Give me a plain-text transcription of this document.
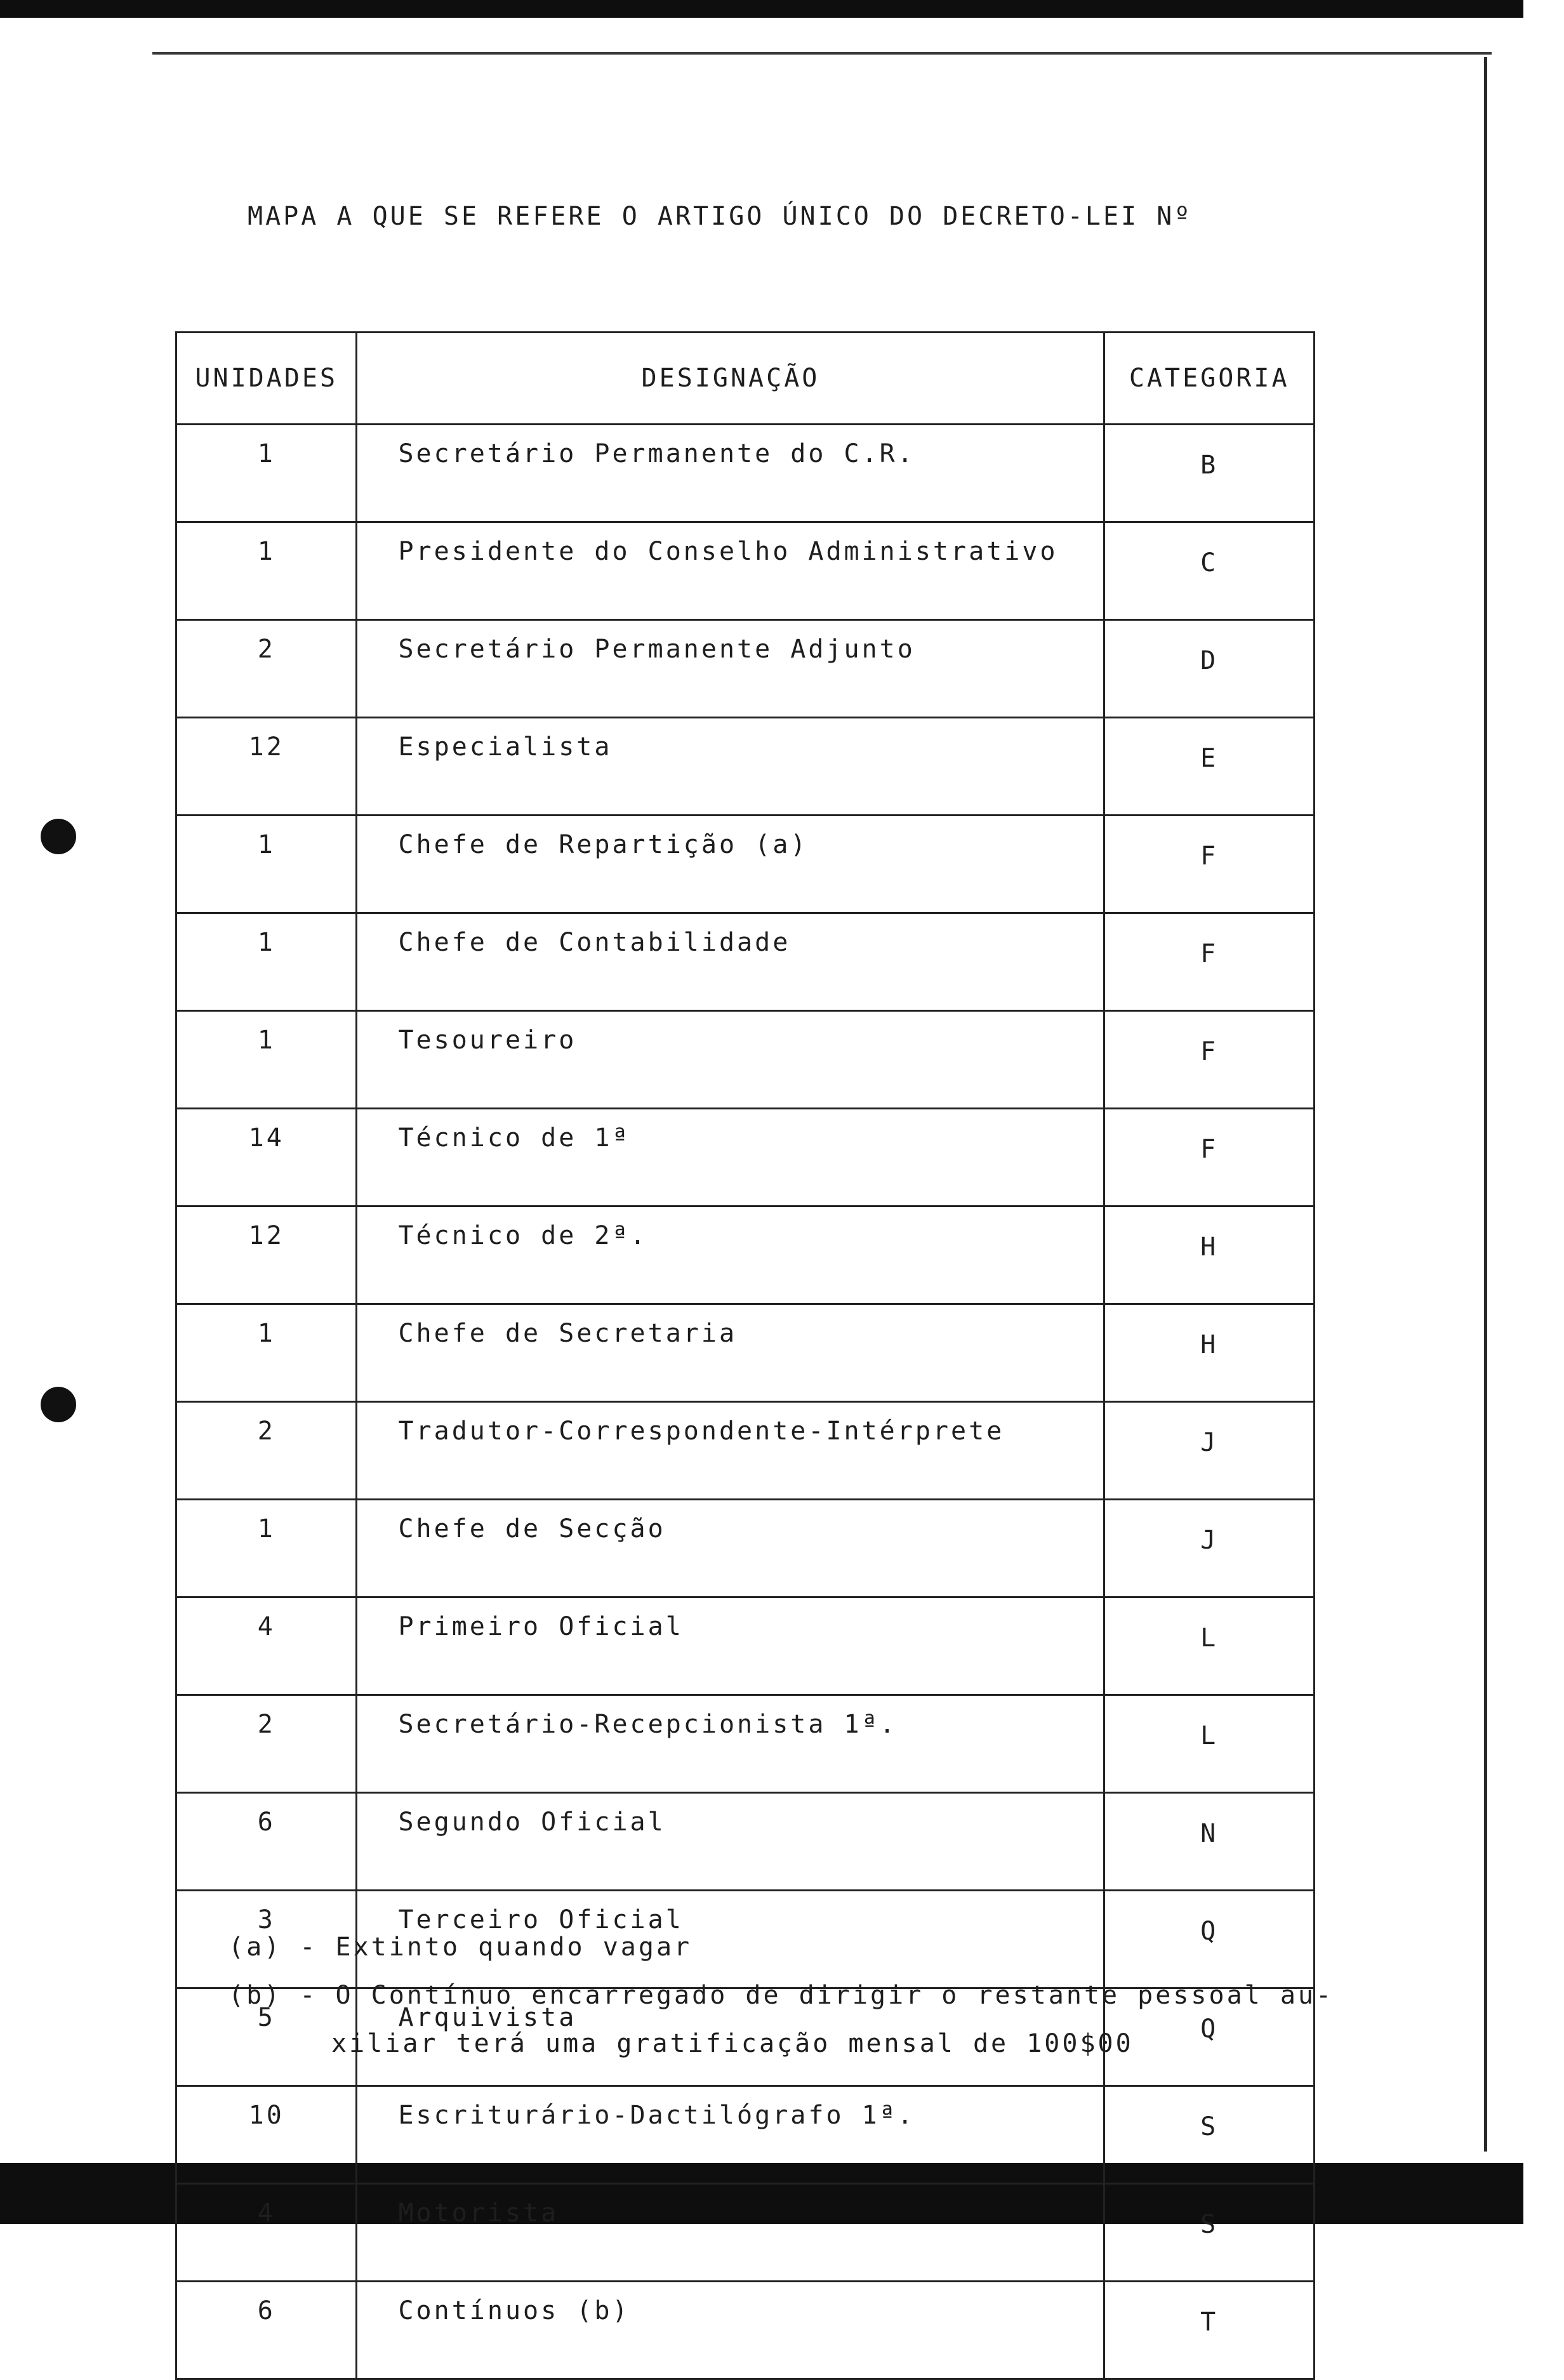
MAPA A QUE SE REFERE O ARTIGO ÚNICO DO DECRETO-LEI Nº
UNIDADES	DESIGNAÇÃO	CATEGORIA
1	Secretário Permanente do C.R.	B
1	Presidente do Conselho Administrativo	C
2	Secretário Permanente Adjunto	D
12	Especialista	E
1	Chefe de Repartição (a)	F
1	Chefe de Contabilidade	F
1	Tesoureiro	F
14	Técnico de 1ª	F
12	Técnico de 2ª.	H
1	Chefe de Secretaria	H
2	Tradutor-Correspondente-Intérprete	J
1	Chefe de Secção	J
4	Primeiro Oficial	L
2	Secretário-Recepcionista 1ª.	L
6	Segundo Oficial	N
3	Terceiro Oficial	Q
5	Arquivista	Q
10	Escriturário-Dactilógrafo 1ª.	S
4	Motorista	S
6	Contínuos (b)	T
(a) - Extinto quando vagar
(b) - O Contínuo encarregado de dirigir o restante pessoal au-
xiliar terá uma gratificação mensal de 100$00
